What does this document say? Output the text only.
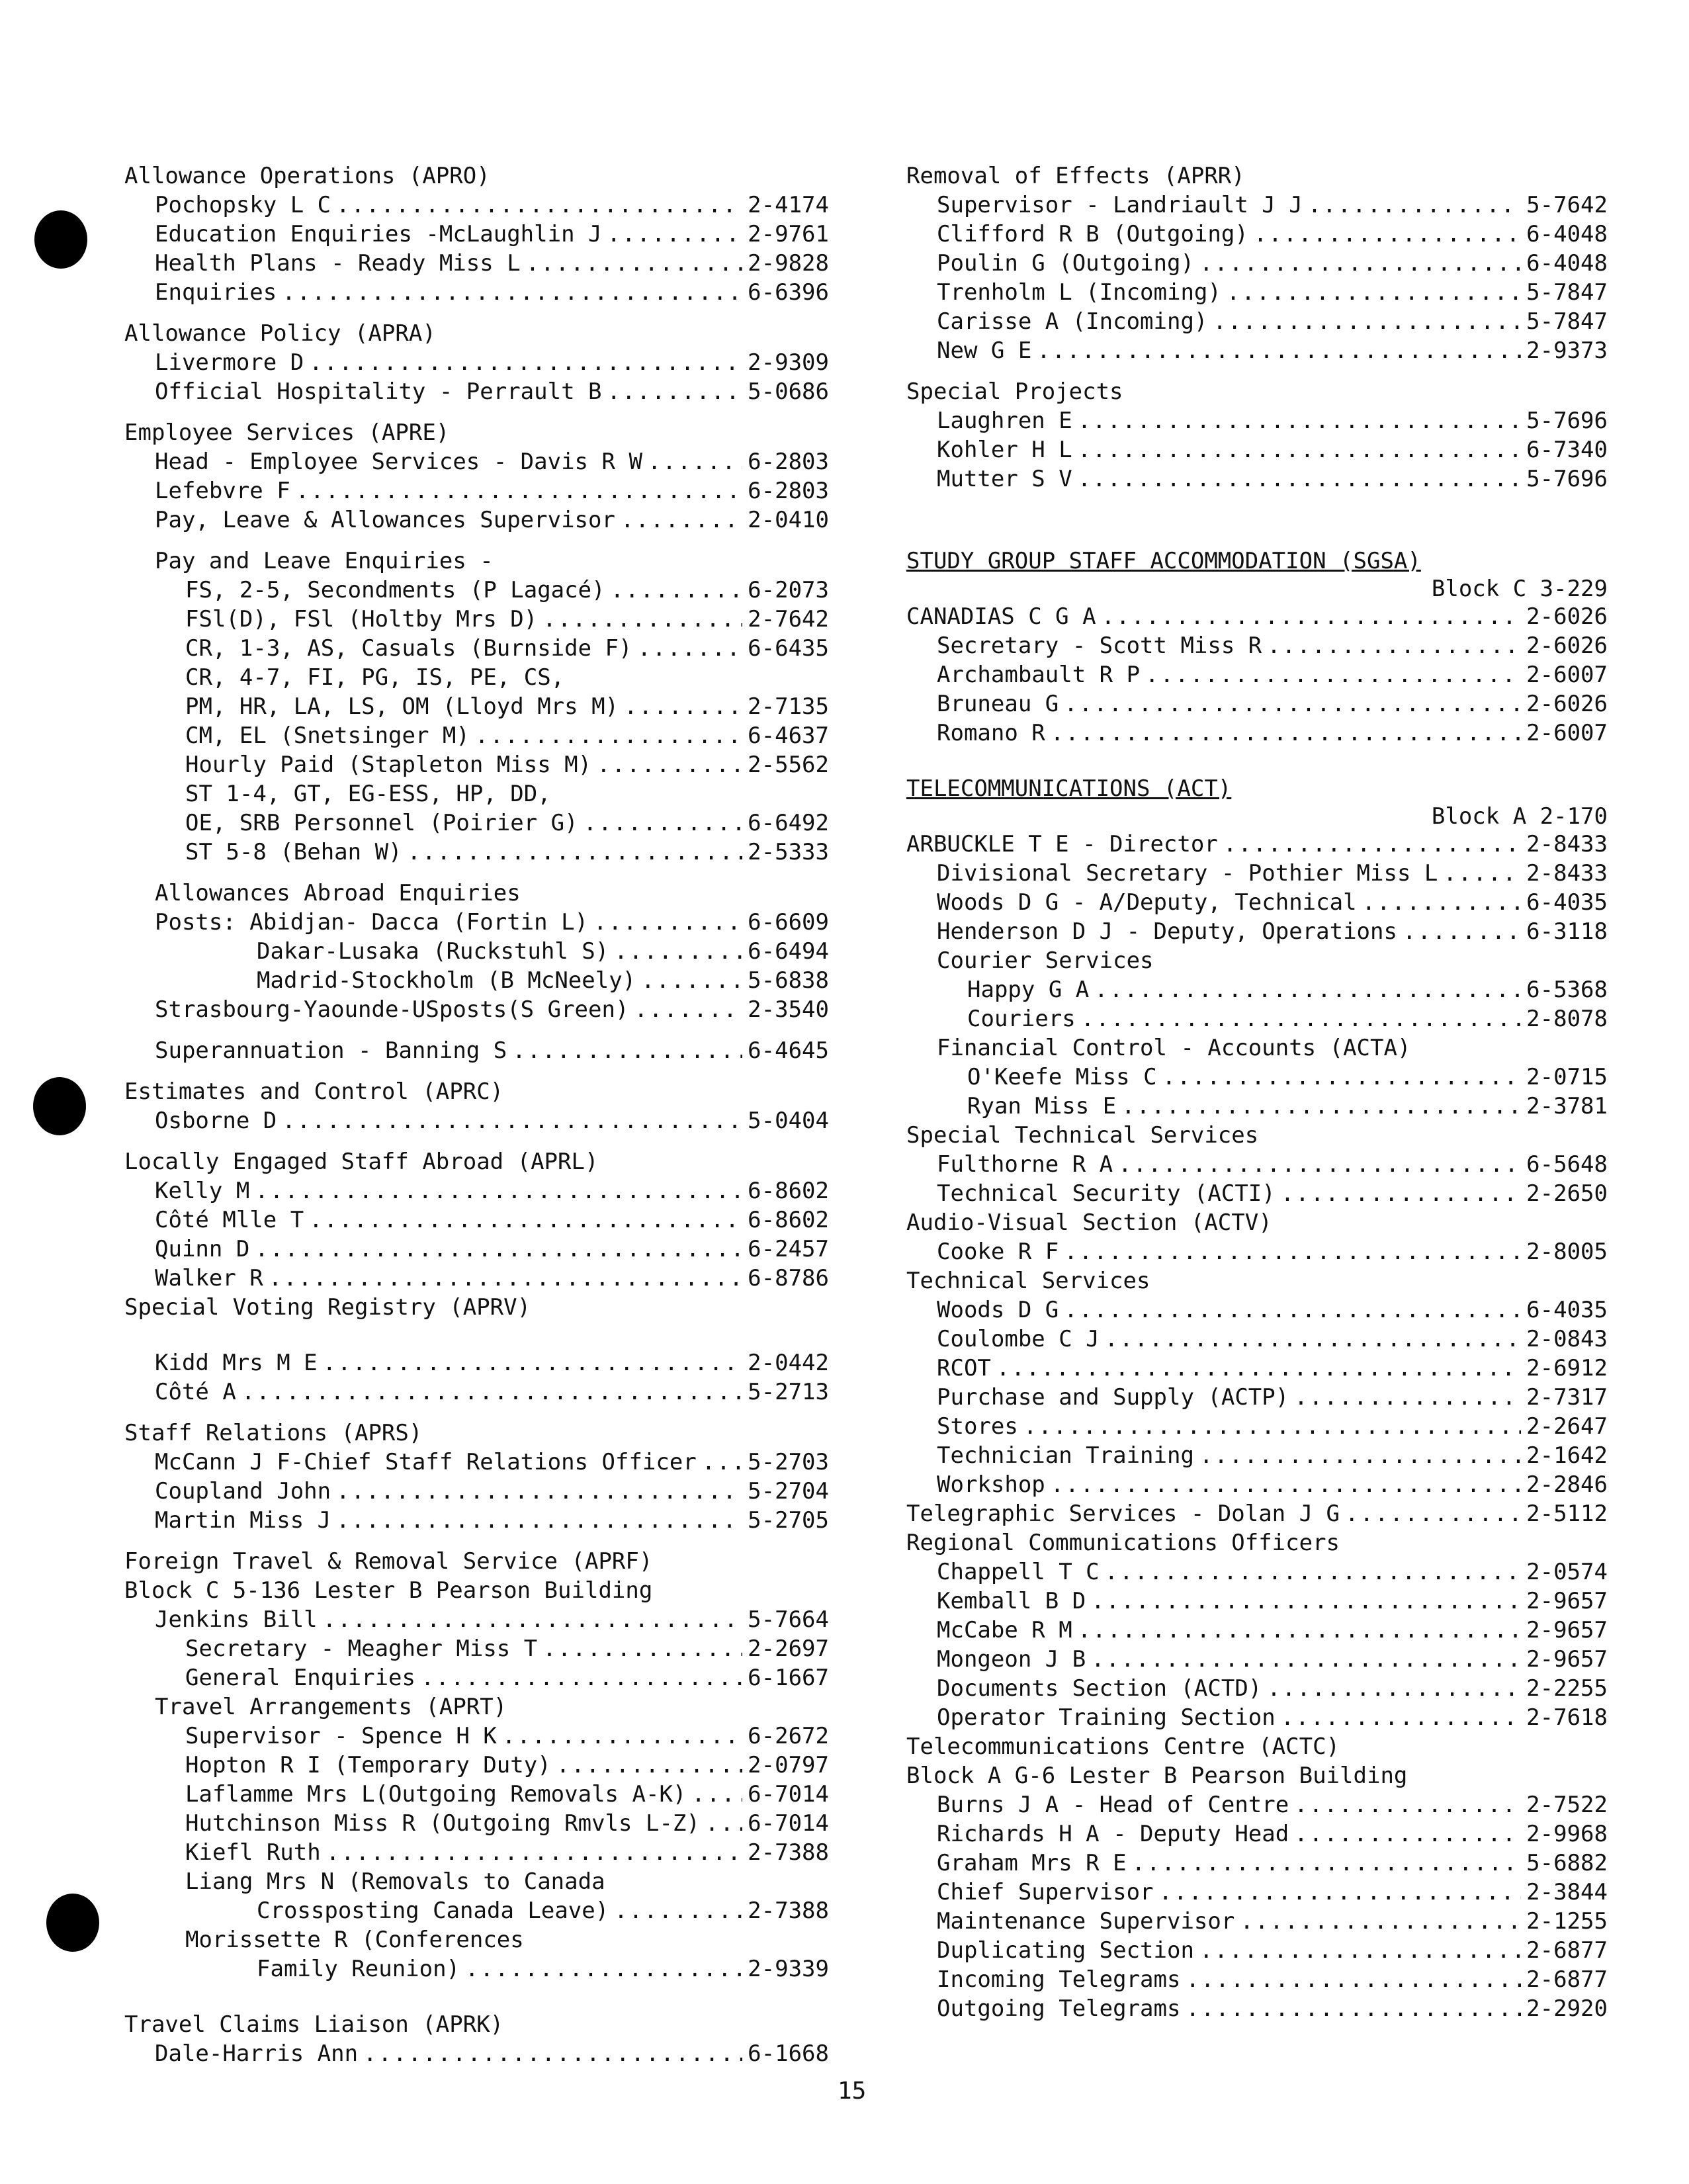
Allowance Operations (APRO)
Pochopsky L C .....	2-4174
Education Enquiries -McLaughlin J .....	2-9761
Health Plans - Ready Miss L .....	2-9828
Enquiries .....	6-6396
Allowance Policy (APRA)
Livermore D .....	2-9309
Official Hospitality - Perrault B .....	5-0686
Employee Services (APRE)
Head - Employee Services - Davis R W .....	6-2803
Lefebvre F .....	6-2803
Pay, Leave & Allowances Supervisor .....	2-0410
Pay and Leave Enquiries -
FS, 2-5, Secondments (P Lagacé) .....	6-2073
FSl(D), FSl (Holtby Mrs D) .....	2-7642
CR, 1-3, AS, Casuals (Burnside F) .....	6-6435
CR, 4-7, FI, PG, IS, PE, CS,
PM, HR, LA, LS, OM (Lloyd Mrs M) .....	2-7135
CM, EL (Snetsinger M) .....	6-4637
Hourly Paid (Stapleton Miss M) .....	2-5562
ST 1-4, GT, EG-ESS, HP, DD,
OE, SRB Personnel (Poirier G) .....	6-6492
ST 5-8 (Behan W) .....	2-5333
Allowances Abroad Enquiries
Posts: Abidjan- Dacca (Fortin L) .....	6-6609
Dakar-Lusaka (Ruckstuhl S) .....	6-6494
Madrid-Stockholm (B McNeely) .....	5-6838
Strasbourg-Yaounde-USposts(S Green) .....	2-3540
Superannuation - Banning S .....	6-4645
Estimates and Control (APRC)
Osborne D .....	5-0404
Locally Engaged Staff Abroad (APRL)
Kelly M .....	6-8602
Côté Mlle T .....	6-8602
Quinn D .....	6-2457
Walker R .....	6-8786
Special Voting Registry (APRV)
Kidd Mrs M E .....	2-0442
Côté A .....	5-2713
Staff Relations (APRS)
McCann J F-Chief Staff Relations Officer ..... 5-2703
Coupland John .....	5-2704
Martin Miss J .....	5-2705
Foreign Travel & Removal Service (APRF)
Block C 5-136 Lester B Pearson Building
Jenkins Bill .....	5-7664
Secretary - Meagher Miss T .....	2-2697
General Enquiries .....	6-1667
Travel Arrangements (APRT)
Supervisor - Spence H K .....	6-2672
Hopton R I (Temporary Duty) .....	2-0797
Laflamme Mrs L(Outgoing Removals A-K) .....	6-7014
Hutchinson Miss R (Outgoing Rmvls L-Z) ..... 6-7014
Kiefl Ruth .....	2-7388
Liang Mrs N (Removals to Canada
Crossposting Canada Leave) .....	2-7388
Morissette R (Conferences
Family Reunion) .....	2-9339
Travel Claims Liaison (APRK)
Dale-Harris Ann .....	6-1668
Removal of Effects (APRR)
Supervisor - Landriault J J .....	5-7642
Clifford R B (Outgoing) .....	6-4048
Poulin G (Outgoing) .....	6-4048
Trenholm L (Incoming) .....	5-7847
Carisse A (Incoming) .....	5-7847
New G E .....	2-9373
Special Projects
Laughren E .....	5-7696
Kohler H L .....	6-7340
Mutter S V .....	5-7696
STUDY GROUP STAFF ACCOMMODATION (SGSA)
Block C 3-229
CANADIAS C G A .....	2-6026
Secretary - Scott Miss R .....	2-6026
Archambault R P .....	2-6007
Bruneau G .....	2-6026
Romano R .....	2-6007
TELECOMMUNICATIONS (ACT)
Block A 2-170
ARBUCKLE T E - Director .....	2-8433
Divisional Secretary - Pothier Miss L .....	2-8433
Woods D G - A/Deputy, Technical .....	6-4035
Henderson D J - Deputy, Operations .....	6-3118
Courier Services
Happy G A .....	6-5368
Couriers .....	2-8078
Financial Control - Accounts (ACTA)
O'Keefe Miss C .....	2-0715
Ryan Miss E .....	2-3781
Special Technical Services
Fulthorne R A .....	6-5648
Technical Security (ACTI) .....	2-2650
Audio-Visual Section (ACTV)
Cooke R F .....	2-8005
Technical Services
Woods D G .....	6-4035
Coulombe C J .....	2-0843
RCOT .....	2-6912
Purchase and Supply (ACTP) .....	2-7317
Stores .....	2-2647
Technician Training .....	2-1642
Workshop .....	2-2846
Telegraphic Services - Dolan J G .....	2-5112
Regional Communications Officers
Chappell T C .....	2-0574
Kemball B D .....	2-9657
McCabe R M .....	2-9657
Mongeon J B .....	2-9657
Documents Section (ACTD) .....	2-2255
Operator Training Section .....	2-7618
Telecommunications Centre (ACTC)
Block A G-6 Lester B Pearson Building
Burns J A - Head of Centre .....	2-7522
Richards H A - Deputy Head .....	2-9968
Graham Mrs R E .....	5-6882
Chief Supervisor .....	2-3844
Maintenance Supervisor .....	2-1255
Duplicating Section .....	2-6877
Incoming Telegrams .....	2-6877
Outgoing Telegrams .....	2-2920
15
